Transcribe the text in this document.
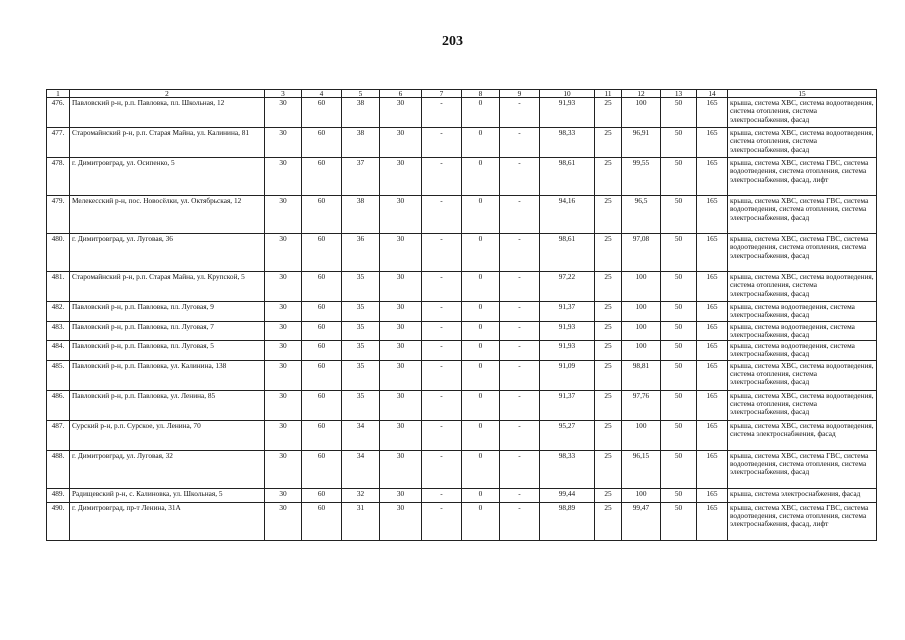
203
1	2	3	4	5	6	7	8	9	10	11	12	13	14	15
476.	Павловский р-н, р.п. Павловка, пл. Школьная, 12	30	60	38	30	-	0	-	91,93	25	100	50	165	крыша, система ХВС, система водоотведения, система отопления, система электроснабжения, фасад
477.	Старомайнский р-н, р.п. Старая Майна, ул. Калинина, 81	30	60	38	30	-	0	-	98,33	25	96,91	50	165	крыша, система ХВС, система водоотведения, система отопления, система электроснабжения, фасад
478.	г. Димитровград, ул. Осипенко, 5	30	60	37	30	-	0	-	98,61	25	99,55	50	165	крыша, система ХВС, система ГВС, система водоотведения, система отопления, система электроснабжения, фасад, лифт
479.	Мелекесский р-н, пос. Новосёлки, ул. Октябрьская, 12	30	60	38	30	-	0	-	94,16	25	96,5	50	165	крыша, система ХВС, система ГВС, система водоотведения, система отопления, система электроснабжения, фасад
480.	г. Димитровград, ул. Луговая, 36	30	60	36	30	-	0	-	98,61	25	97,08	50	165	крыша, система ХВС, система ГВС, система водоотведения, система отопления, система электроснабжения, фасад
481.	Старомайнский р-н, р.п. Старая Майна, ул. Крупской, 5	30	60	35	30	-	0	-	97,22	25	100	50	165	крыша, система ХВС, система водоотведения, система отопления, система электроснабжения, фасад
482.	Павловский р-н, р.п. Павловка, пл. Луговая, 9	30	60	35	30	-	0	-	91,37	25	100	50	165	крыша, система водоотведения, система электроснабжения, фасад
483.	Павловский р-н, р.п. Павловка, пл. Луговая, 7	30	60	35	30	-	0	-	91,93	25	100	50	165	крыша, система водоотведения, система электроснабжения, фасад
484.	Павловский р-н, р.п. Павловка, пл. Луговая, 5	30	60	35	30	-	0	-	91,93	25	100	50	165	крыша, система водоотведения, система электроснабжения, фасад
485.	Павловский р-н, р.п. Павловка, ул. Калинина, 138	30	60	35	30	-	0	-	91,09	25	98,81	50	165	крыша, система ХВС, система водоотведения, система отопления, система электроснабжения, фасад
486.	Павловский р-н, р.п. Павловка, ул. Ленина, 85	30	60	35	30	-	0	-	91,37	25	97,76	50	165	крыша, система ХВС, система водоотведения, система отопления, система электроснабжения, фасад
487.	Сурский р-н, р.п. Сурское, ул. Ленина, 70	30	60	34	30	-	0	-	95,27	25	100	50	165	крыша, система ХВС, система водоотведения, система электроснабжения, фасад
488.	г. Димитровград, ул. Луговая, 32	30	60	34	30	-	0	-	98,33	25	96,15	50	165	крыша, система ХВС, система ГВС, система водоотведения, система отопления, система электроснабжения, фасад
489.	Радищевский р-н, с. Калиновка, ул. Школьная, 5	30	60	32	30	-	0	-	99,44	25	100	50	165	крыша, система электроснабжения, фасад
490.	г. Димитровград, пр-т Ленина, 31А	30	60	31	30	-	0	-	98,89	25	99,47	50	165	крыша, система ХВС, система ГВС, система водоотведения, система отопления, система электроснабжения, фасад, лифт
